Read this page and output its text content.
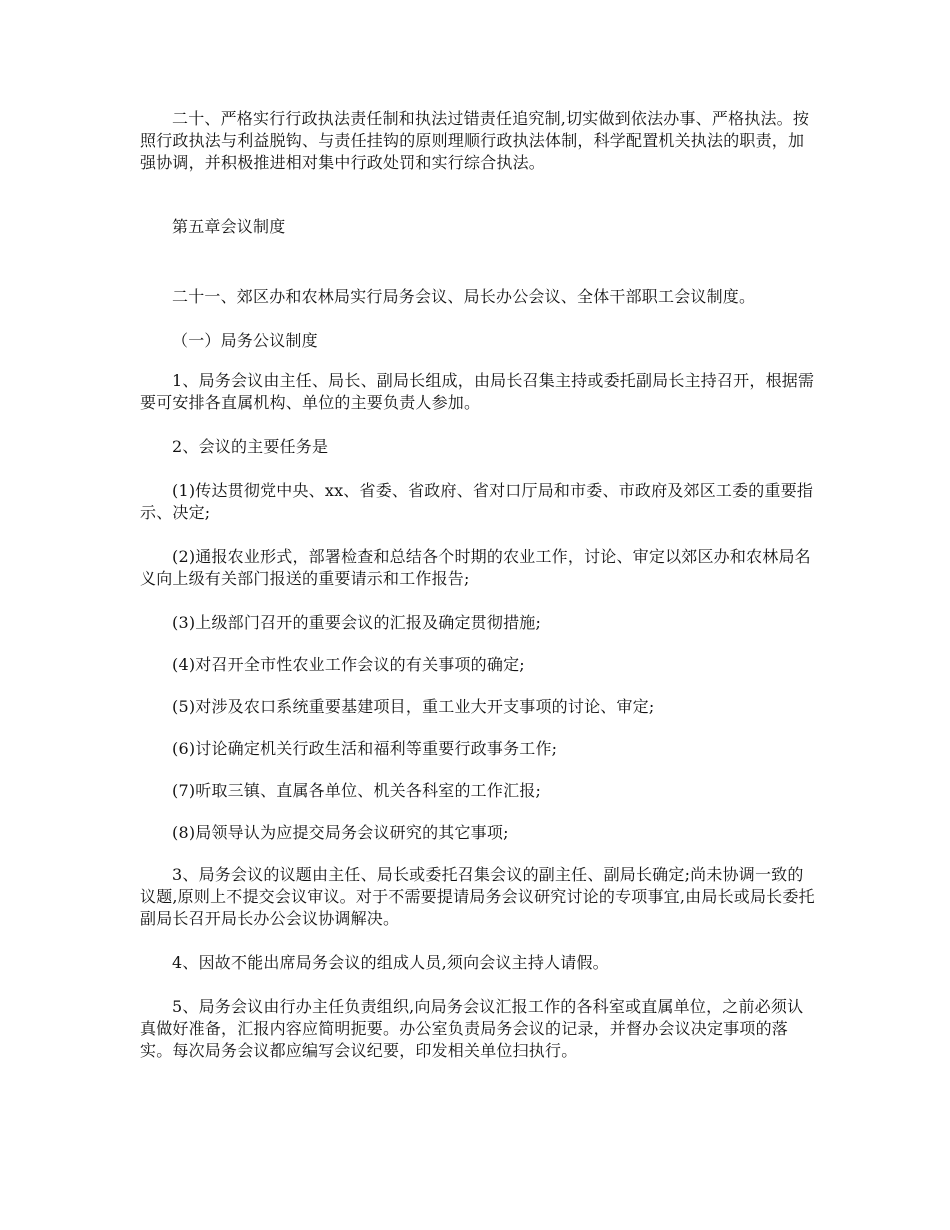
二十、严格实行行政执法责任制和执法过错责任追究制,切实做到依法办事、严格执法。按照行政执法与利益脱钩、与责任挂钩的原则理顺行政执法体制，科学配置机关执法的职责，加强协调，并积极推进相对集中行政处罚和实行综合执法。

第五章会议制度

二十一、郊区办和农林局实行局务会议、局长办公会议、全体干部职工会议制度。

（一）局务公议制度

1、局务会议由主任、局长、副局长组成，由局长召集主持或委托副局长主持召开，根据需要可安排各直属机构、单位的主要负责人参加。

2、会议的主要任务是

(1)传达贯彻党中央、xx、省委、省政府、省对口厅局和市委、市政府及郊区工委的重要指示、决定;

(2)通报农业形式，部署检查和总结各个时期的农业工作，讨论、审定以郊区办和农林局名义向上级有关部门报送的重要请示和工作报告;

(3)上级部门召开的重要会议的汇报及确定贯彻措施;

(4)对召开全市性农业工作会议的有关事项的确定;

(5)对涉及农口系统重要基建项目，重工业大开支事项的讨论、审定;

(6)讨论确定机关行政生活和福利等重要行政事务工作;

(7)听取三镇、直属各单位、机关各科室的工作汇报;

(8)局领导认为应提交局务会议研究的其它事项;

3、局务会议的议题由主任、局长或委托召集会议的副主任、副局长确定;尚未协调一致的议题,原则上不提交会议审议。对于不需要提请局务会议研究讨论的专项事宜,由局长或局长委托副局长召开局长办公会议协调解决。

4、因故不能出席局务会议的组成人员,须向会议主持人请假。

5、局务会议由行办主任负责组织,向局务会议汇报工作的各科室或直属单位，之前必须认真做好准备，汇报内容应简明扼要。办公室负责局务会议的记录，并督办会议决定事项的落实。每次局务会议都应编写会议纪要，印发相关单位扫执行。
